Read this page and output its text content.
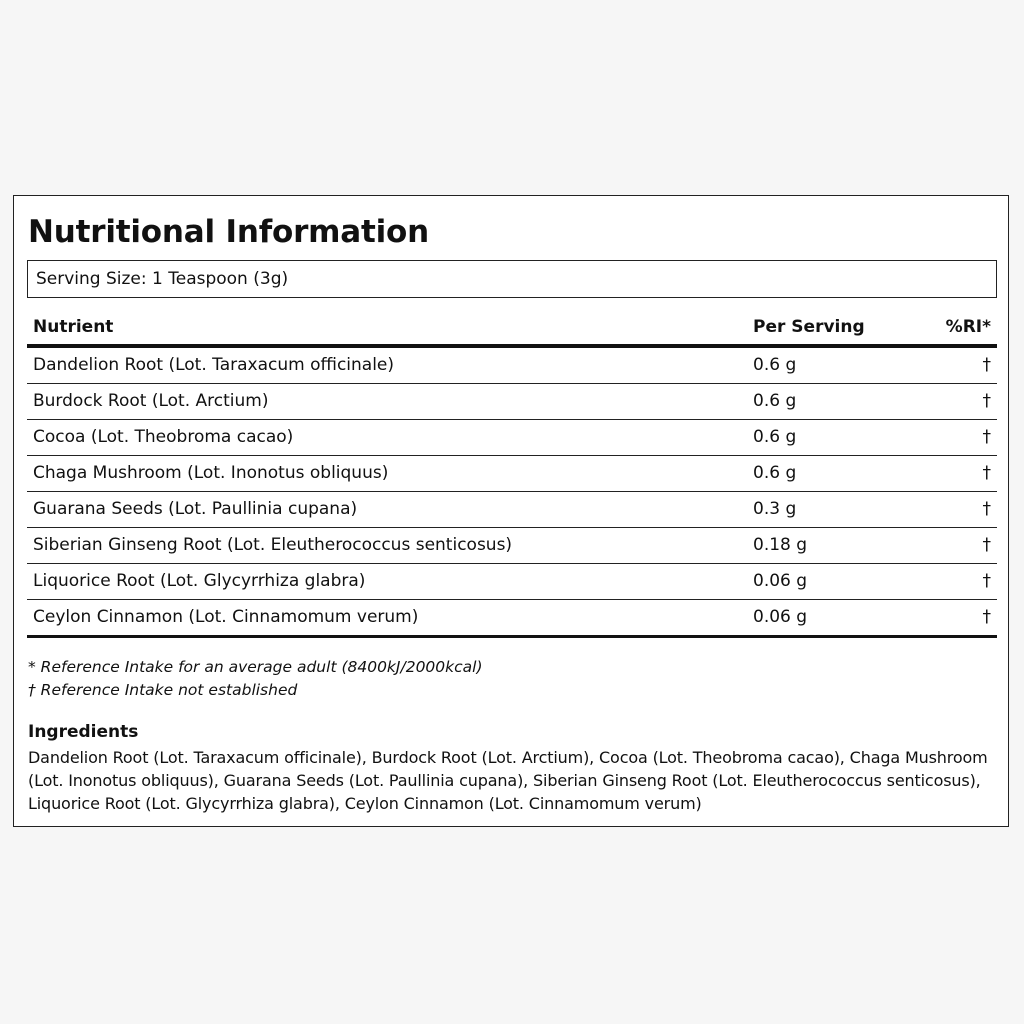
Nutritional Information
Serving Size: 1 Teaspoon (3g)
Nutrient	Per Serving	%RI*
Dandelion Root (Lot. Taraxacum officinale)	0.6 g	†
Burdock Root (Lot. Arctium)	0.6 g	†
Cocoa (Lot. Theobroma cacao)	0.6 g	†
Chaga Mushroom (Lot. Inonotus obliquus)	0.6 g	†
Guarana Seeds (Lot. Paullinia cupana)	0.3 g	†
Siberian Ginseng Root (Lot. Eleutherococcus senticosus)	0.18 g	†
Liquorice Root (Lot. Glycyrrhiza glabra)	0.06 g	†
Ceylon Cinnamon (Lot. Cinnamomum verum)	0.06 g	†
* Reference Intake for an average adult (8400kJ/2000kcal)
† Reference Intake not established
Ingredients
Dandelion Root (Lot. Taraxacum officinale), Burdock Root (Lot. Arctium), Cocoa (Lot. Theobroma cacao), Chaga Mushroom (Lot. Inonotus obliquus), Guarana Seeds (Lot. Paullinia cupana), Siberian Ginseng Root (Lot. Eleutherococcus senticosus), Liquorice Root (Lot. Glycyrrhiza glabra), Ceylon Cinnamon (Lot. Cinnamomum verum)
